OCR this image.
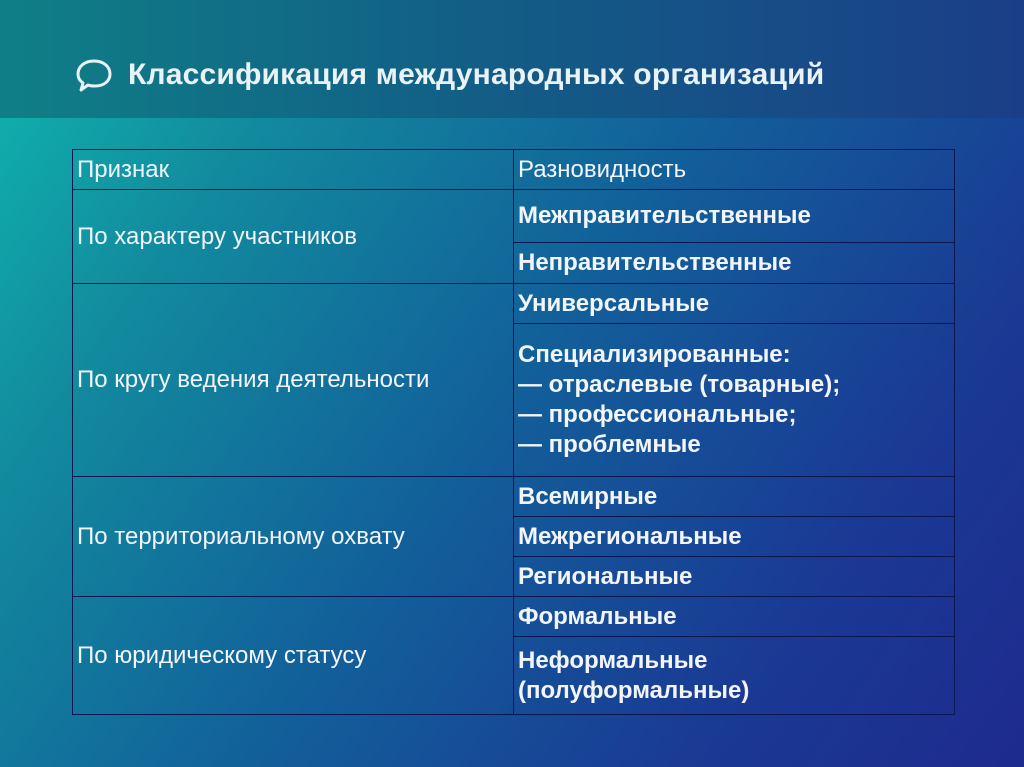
Классификация международных организаций
Признак	Разновидность
По характеру участников	Межправительственные
	Неправительственные
По кругу ведения деятельности	Универсальные

	Специализированные:
— отраслевые (товарные);
— профессиональные;
— проблемные

По территориальному охвату	Всемирные
	Межрегиональные
	Региональные
По юридическому статусу	Формальные

	Неформальные
(полуформальные)
